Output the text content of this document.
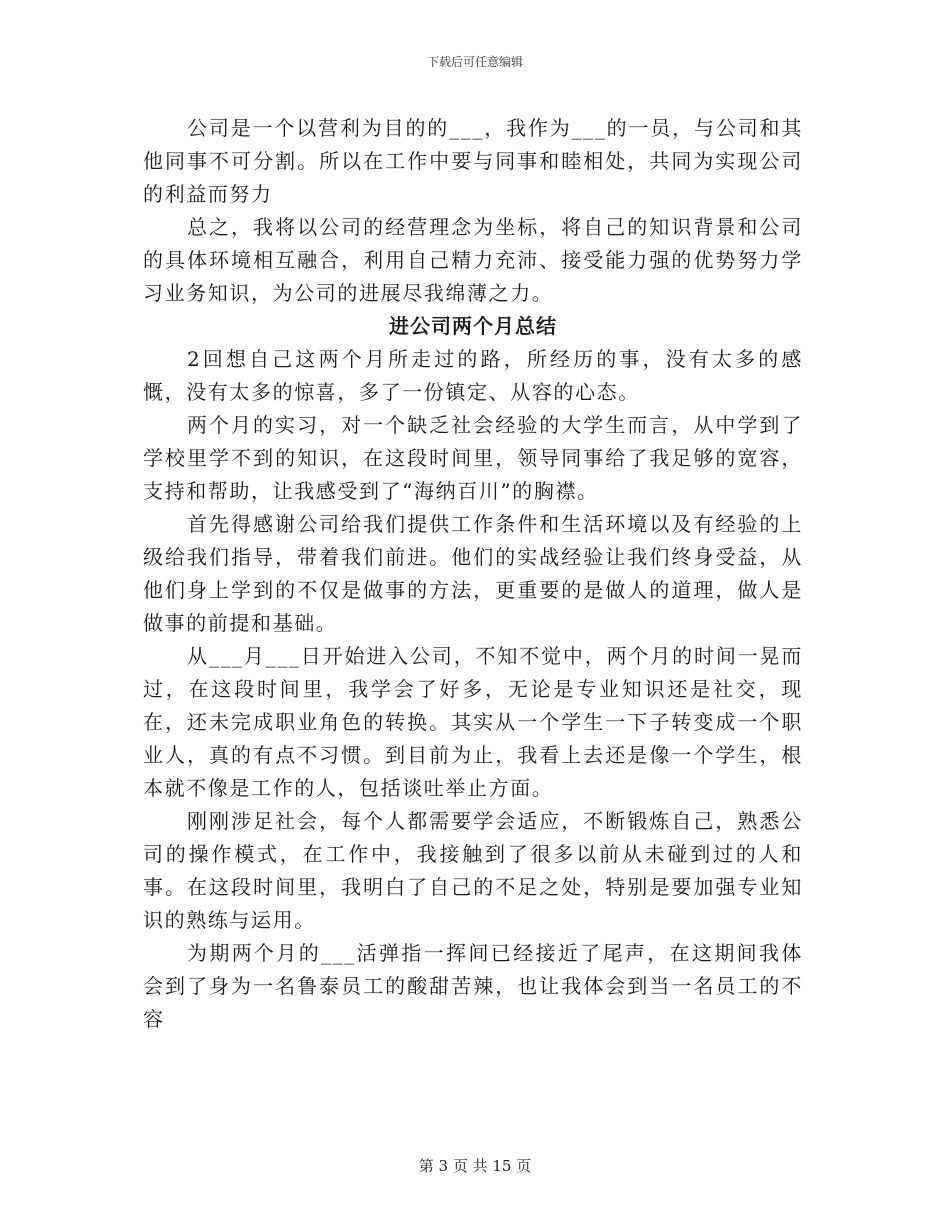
下载后可任意编辑

公司是一个以营利为目的的___，我作为___的一员，与公司和其他同事不可分割。所以在工作中要与同事和睦相处，共同为实现公司的利益而努力

总之，我将以公司的经营理念为坐标，将自己的知识背景和公司的具体环境相互融合，利用自己精力充沛、接受能力强的优势努力学习业务知识，为公司的进展尽我绵薄之力。

进公司两个月总结

2回想自己这两个月所走过的路，所经历的事，没有太多的感慨，没有太多的惊喜，多了一份镇定、从容的心态。

两个月的实习，对一个缺乏社会经验的大学生而言，从中学到了学校里学不到的知识，在这段时间里，领导同事给了我足够的宽容，支持和帮助，让我感受到了“海纳百川”的胸襟。

首先得感谢公司给我们提供工作条件和生活环境以及有经验的上级给我们指导，带着我们前进。他们的实战经验让我们终身受益，从他们身上学到的不仅是做事的方法，更重要的是做人的道理，做人是做事的前提和基础。

从___月___日开始进入公司，不知不觉中，两个月的时间一晃而过，在这段时间里，我学会了好多，无论是专业知识还是社交，现在，还未完成职业角色的转换。其实从一个学生一下子转变成一个职业人，真的有点不习惯。到目前为止，我看上去还是像一个学生，根本就不像是工作的人，包括谈吐举止方面。

刚刚涉足社会，每个人都需要学会适应，不断锻炼自己，熟悉公司的操作模式，在工作中，我接触到了很多以前从未碰到过的人和事。在这段时间里，我明白了自己的不足之处，特别是要加强专业知识的熟练与运用。

为期两个月的___活弹指一挥间已经接近了尾声，在这期间我体会到了身为一名鲁泰员工的酸甜苦辣，也让我体会到当一名员工的不容

第 3 页 共 15 页
